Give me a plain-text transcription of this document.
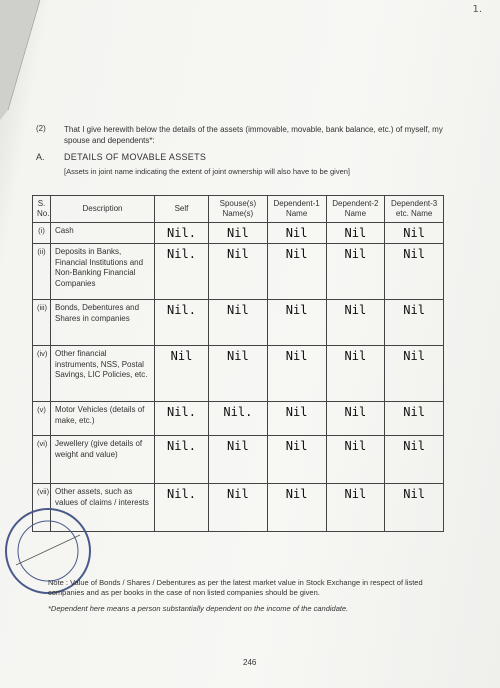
1.
(2) That I give herewith below the details of the assets (immovable, movable, bank balance, etc.) of myself, my spouse and dependents*:
A. DETAILS OF MOVABLE ASSETS
[Assets in joint name indicating the extent of joint ownership will also have to be given]
S. No.	Description	Self	Spouse(s) Name(s)	Dependent-1 Name	Dependent-2 Name	Dependent-3 etc. Name
(i)	Cash	Nil.	Nil	Nil	Nil	Nil
(ii)	Deposits in Banks, Financial Institutions and Non-Banking Financial Companies	Nil.	Nil	Nil	Nil	Nil
(iii)	Bonds, Debentures and Shares in companies	Nil.	Nil	Nil	Nil	Nil
(iv)	Other financial instruments, NSS, Postal Savings, LIC Policies, etc.	Nil	Nil	Nil	Nil	Nil
(v)	Motor Vehicles (details of make, etc.)	Nil.	Nil.	Nil	Nil	Nil
(vi)	Jewellery (give details of weight and value)	Nil.	Nil	Nil	Nil	Nil
(vii)	Other assets, such as values of claims / interests	Nil.	Nil	Nil	Nil	Nil
Note : Value of Bonds / Shares / Debentures as per the latest market value in Stock Exchange in respect of listed companies and as per books in the case of non listed companies should be given.
*Dependent here means a person substantially dependent on the income of the candidate.
246
